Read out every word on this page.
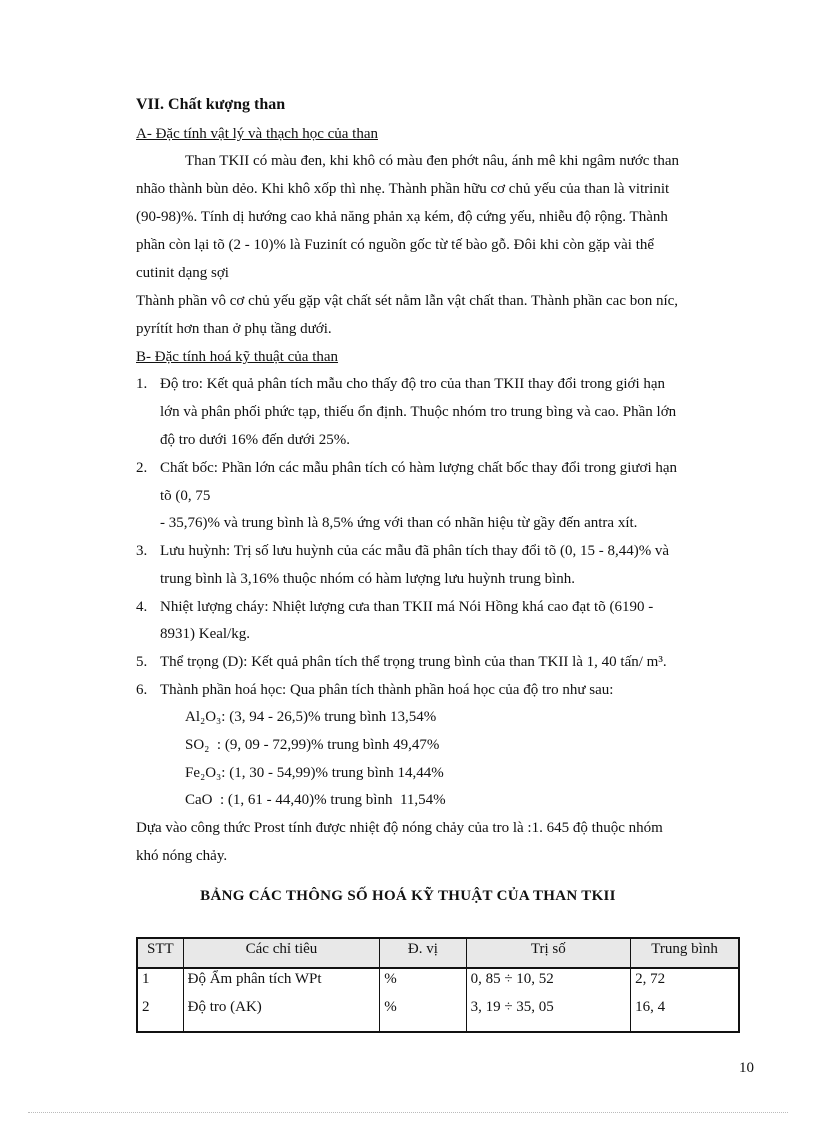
VII. Chất kượng than
A- Đặc tính vật lý và thạch học của than
Than TKII có màu đen, khi khô có màu đen phớt nâu, ánh mê khi ngâm nước than
nhão thành bùn dẻo. Khi khô xốp thì nhẹ. Thành phần hữu cơ chủ yếu của than là vitrinit
(90-98)%. Tính dị hướng cao khả năng phản xạ kém, độ cứng yếu, nhiễu độ rộng. Thành
phần còn lại tõ (2 - 10)% là Fuzinít có nguồn gốc từ tế bào gỗ. Đôi khi còn gặp vài thể
cutinit dạng sợi
Thành phần vô cơ chủ yếu gặp vật chất sét nằm lẫn vật chất than. Thành phần cac bon níc,
pyrítít hơn than ở phụ tầng dưới.
B- Đặc tính hoá kỹ thuật của than
1. Độ tro: Kết quả phân tích mẫu cho thấy độ tro của than TKII thay đổi trong giới hạn
lớn và phân phối phức tạp, thiếu ổn định. Thuộc nhóm tro trung bìng và cao. Phần lớn
độ tro dưới 16% đến dưới 25%.
2. Chất bốc: Phần lớn các mẫu phân tích có hàm lượng chất bốc thay đổi trong giươi hạn
tõ (0, 75
- 35,76)% và trung bình là 8,5% ứng với than có nhãn hiệu từ gầy đến antra xít.
3. Lưu huỳnh: Trị số lưu huỳnh của các mẫu đã phân tích thay đổi tõ (0, 15 - 8,44)% và
trung bình là 3,16% thuộc nhóm có hàm lượng lưu huỳnh trung bình.
4. Nhiệt lượng cháy: Nhiệt lượng cưa than TKII má Nói Hồng khá cao đạt tõ (6190 -
8931) Keal/kg.
5. Thể trọng (D): Kết quả phân tích thể trọng trung bình của than TKII là 1, 40 tấn/ m³.
6. Thành phần hoá học: Qua phân tích thành phần hoá học của độ tro như sau:
Al₂O₃: (3, 94 - 26,5)% trung bình 13,54%
SO₂  : (9, 09 - 72,99)% trung bình 49,47%
Fe₂O₃: (1, 30 - 54,99)% trung bình 14,44%
CaO  : (1, 61 - 44,40)% trung bình  11,54%
Dựa vào công thức Prost tính được nhiệt độ nóng chảy của tro là :1. 645 độ thuộc nhóm
khó nóng chảy.
BẢNG CÁC THÔNG SỐ HOÁ KỸ THUẬT CỦA THAN TKII
STT	Các chỉ tiêu	Đ. vị	Trị số	Trung bình
1	Độ Ẩm phân tích WPt	%	0, 85 ÷ 10, 52	2, 72
2	Độ tro (AK)	%	3, 19 ÷ 35, 05	16, 4
10
